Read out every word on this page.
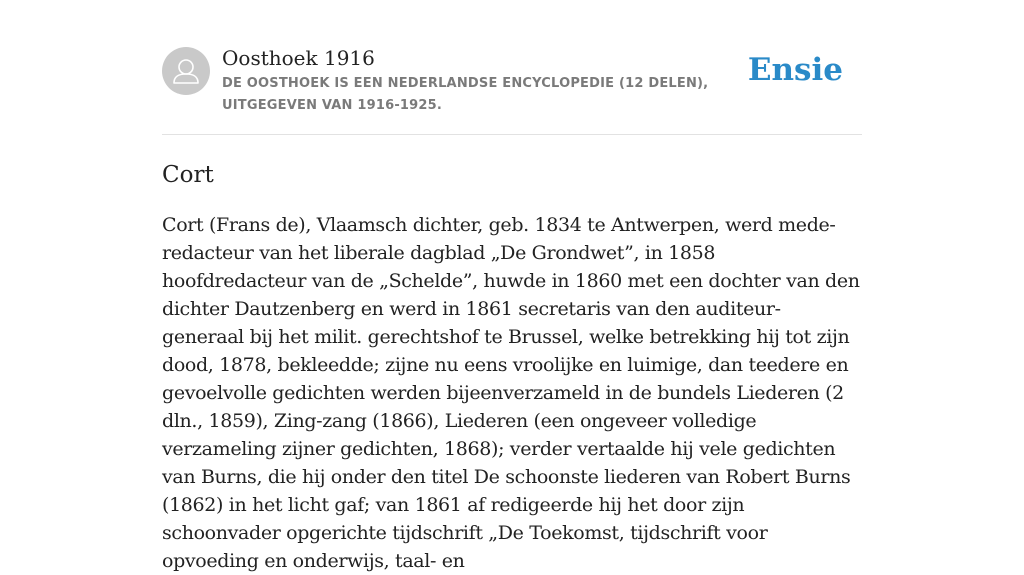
Oosthoek 1916
DE OOSTHOEK IS EEN NEDERLANDSE ENCYCLOPEDIE (12 DELEN), UITGEGEVEN VAN 1916-1925.
Ensie
Cort

Cort (Frans de), Vlaamsch dichter, geb. 1834 te Antwerpen, werd mede-redacteur van het liberale dagblad „De Grondwet”, in 1858 hoofdredacteur van de „Schelde”, huwde in 1860 met een dochter van den dichter Dautzenberg en werd in 1861 secretaris van den auditeur-generaal bij het milit. gerechtshof te Brussel, welke betrekking hij tot zijn dood, 1878, bekleedde; zijne nu eens vroolijke en luimige, dan teedere en gevoelvolle gedichten werden bijeenverzameld in de bundels Liederen (2 dln., 1859), Zing-zang (1866), Liederen (een ongeveer volledige verzameling zijner gedichten, 1868); verder vertaalde hij vele gedichten van Burns, die hij onder den titel De schoonste liederen van Robert Burns (1862) in het licht gaf; van 1861 af redigeerde hij het door zijn schoonvader opgerichte tijdschrift „De Toekomst, tijdschrift voor opvoeding en onderwijs, taal- en
